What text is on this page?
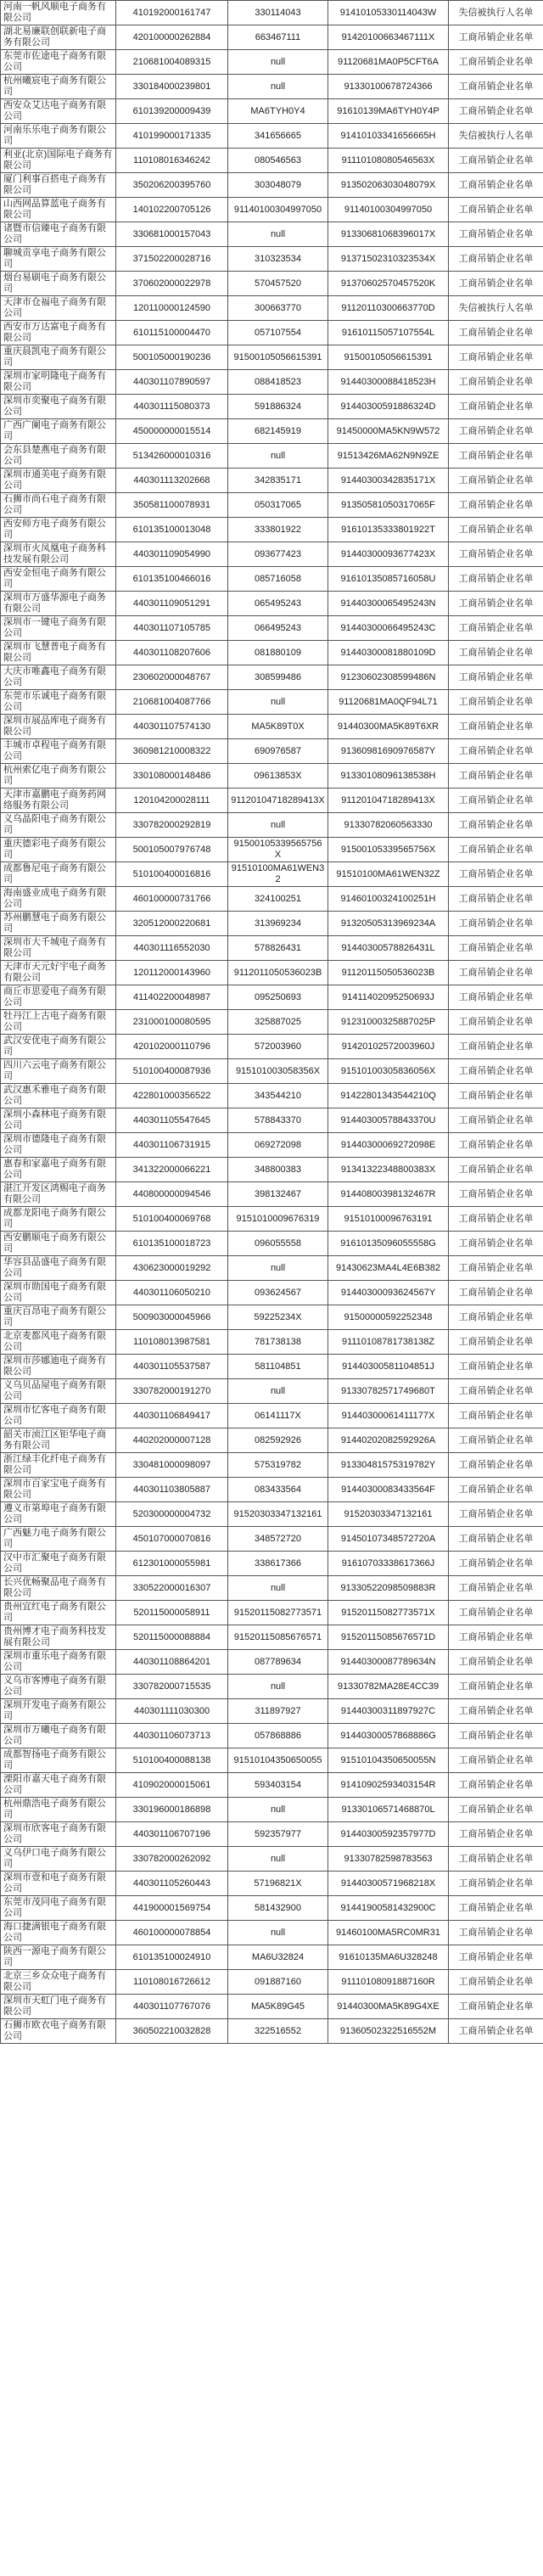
河南一帆风顺电子商务有限公司	410192000161747	330114043	91410105330114043W	失信被执行人名单
湖北易廉联创联新电子商务有限公司	420100000262884	663467111	91420100663467111X	工商吊销企业名单
东莞市佐途电子商务有限公司	210681004089315	null	91120681MA0P5CFT6A	工商吊销企业名单
杭州曦宸电子商务有限公司	330184000239801	null	91330100678724366	工商吊销企业名单
西安众艾达电子商务有限公司	610139200009439	MA6TYH0Y4	91610139MA6TYH0Y4P	工商吊销企业名单
河南乐乐电子商务有限公司	410199000171335	341656665	91410103341656665H	失信被执行人名单
利亚(北京)国际电子商务有限公司	110108016346242	080546563	91110108080546563X	工商吊销企业名单
厦门利事百搭电子商务有限公司	350206200395760	303048079	91350206303048079X	工商吊销企业名单
山西网品算蓝电子商务有限公司	140102200705126	91140100304997050	91140100304997050	工商吊销企业名单
诸暨市信臻电子商务有限公司	330681000157043	null	91330681068396017X	工商吊销企业名单
聊城贡享电子商务有限公司	371502200028716	310323534	91371502310323534X	工商吊销企业名单
烟台易刷电子商务有限公司	370602000022978	570457520	91370602570457520K	工商吊销企业名单
天津市仓福电子商务有限公司	120110000124590	300663770	91120110300663770D	失信被执行人名单
西安市万达富电子商务有限公司	610115100004470	057107554	91610115057107554L	工商吊销企业名单
重庆晨凯电子商务有限公司	500105000190236	91500105056615391	91500105056615391	工商吊销企业名单
深圳市家明隆电子商务有限公司	440301107890597	088418523	91440300088418523H	工商吊销企业名单
深圳市奕聚电子商务有限公司	440301115080373	591886324	91440300591886324D	工商吊销企业名单
广西广阑电子商务有限公司	450000000015514	682145919	91450000MA5KN9W572	工商吊销企业名单
会东县楚燕电子商务有限公司	513426000010316	null	91513426MA62N9N9ZE	工商吊销企业名单
深圳市通美电子商务有限公司	440301113202668	342835171	91440300342835171X	工商吊销企业名单
石狮市尚石电子商务有限公司	350581100078931	050317065	91350581050317065F	工商吊销企业名单
西安师方电子商务有限公司	610135100013048	333801922	91610135333801922T	工商吊销企业名单
深圳市火凤凰电子商务科技发展有限公司	440301109054990	093677423	91440300093677423X	工商吊销企业名单
西安金恒电子商务有限公司	610135100466016	085716058	91610135085716058U	工商吊销企业名单
深圳市万盛华源电子商务有限公司	440301109051291	065495243	91440300065495243N	工商吊销企业名单
深圳市一键电子商务有限公司	440301107105785	066495243	91440300066495243C	工商吊销企业名单
深圳市飞慧普电子商务有限公司	440301108207606	081880109	91440300081880109D	工商吊销企业名单
大庆市唯鑫电子商务有限公司	230602000048767	308599486	91230602308599486N	工商吊销企业名单
东莞市乐诚电子商务有限公司	210681004087766	null	91120681MA0QF94L71	工商吊销企业名单
深圳市展品库电子商务有限公司	440301107574130	MA5K89T0X	91440300MA5K89T6XR	工商吊销企业名单
丰城市卓程电子商务有限公司	360981210008322	690976587	91360981690976587Y	工商吊销企业名单
杭州索亿电子商务有限公司	330108000148486	09613853X	91330108096138538H	工商吊销企业名单
天津市嘉鹏电子商务药网络服务有限公司	120104200028111	91120104718289413X	91120104718289413X	工商吊销企业名单
义乌晶阳电子商务有限公司	330782000292819	null	91330782060563330	工商吊销企业名单
重庆德彩电子商务有限公司	500105007976748	91500105339565756X	91500105339565756X	工商吊销企业名单
成都鲁尼电子商务有限公司	510100400016816	91510100MA61WEN32	91510100MA61WEN32Z	工商吊销企业名单
海南盛业成电子商务有限公司	460100000731766	324100251	91460100324100251H	工商吊销企业名单
苏州鹏慧电子商务有限公司	320512000220681	313969234	91320505313969234A	工商吊销企业名单
深圳市大千城电子商务有限公司	440301116552030	578826431	91440300578826431L	工商吊销企业名单
天津市天元好宇电子商务有限公司	120112000143960	9112011050536023B	91120115050536023B	工商吊销企业名单
商丘市思爱电子商务有限公司	411402200048987	095250693	91411402095250693J	工商吊销企业名单
牡丹江上古电子商务有限公司	231000100080595	325887025	91231000325887025P	工商吊销企业名单
武汉安优电子商务有限公司	420102000110796	572003960	91420102572003960J	工商吊销企业名单
四川六云电子商务有限公司	510100400087936	915101003058356X	91510100305836056X	工商吊销企业名单
武汉惠禾雅电子商务有限公司	422801000356522	343544210	91422801343544210Q	工商吊销企业名单
深圳小森林电子商务有限公司	440301105547645	578843370	91440300578843370U	工商吊销企业名单
深圳市德隆电子商务有限公司	440301106731915	069272098	91440300069272098E	工商吊销企业名单
惠春和家嘉电子商务有限公司	341322000066221	348800383	91341322348800383X	工商吊销企业名单
湛江开发区鸿赐电子商务有限公司	440800000094546	398132467	91440800398132467R	工商吊销企业名单
成都龙阳电子商务有限公司	510100400069768	9151010009676319	91510100096763191	工商吊销企业名单
西安鹏顺电子商务有限公司	610135100018723	096055558	91610135096055558G	工商吊销企业名单
华容县品盛电子商务有限公司	430623000019292	null	91430623MA4L4E6B382	工商吊销企业名单
深圳市勋国电子商务有限公司	440301106050210	093624567	91440300093624567Y	工商吊销企业名单
重庆百昂电子商务有限公司	500903000045966	59225234X	91500000592252348	工商吊销企业名单
北京麦都风电子商务有限公司	110108013987581	781738138	91110108781738138Z	工商吊销企业名单
深圳市莎娜迪电子商务有限公司	440301105537587	581104851	91440300581104851J	工商吊销企业名单
义乌贝品屋电子商务有限公司	330782000191270	null	91330782571749680T	工商吊销企业名单
深圳市忆客电子商务有限公司	440301106849417	06141117X	91440300061411177X	工商吊销企业名单
韶关市浈江区钜华电子商务有限公司	440202000007128	082592926	91440202082592926A	工商吊销企业名单
浙江绿丰化纤电子商务有限公司	330481000098097	575319782	91330481575319782Y	工商吊销企业名单
深圳市百家宝电子商务有限公司	440301103805887	083433564	91440300083433564F	工商吊销企业名单
遵义市第埠电子商务有限公司	520300000004732	91520303347132161	91520303347132161	工商吊销企业名单
广西魅力电子商务有限公司	450107000070816	348572720	91450107348572720A	工商吊销企业名单
汉中市汇聚电子商务有限公司	612301000055981	338617366	91610703338617366J	工商吊销企业名单
长兴优畅聚品电子商务有限公司	330522000016307	null	91330522098509883R	工商吊销企业名单
贵州宜红电子商务有限公司	520115000058911	91520115082773571	91520115082773571X	工商吊销企业名单
贵州博才电子商务科技发展有限公司	520115000088884	91520115085676571	91520115085676571D	工商吊销企业名单
深圳市重乐电子商务有限公司	440301108864201	087789634	91440300087789634N	工商吊销企业名单
义乌市客博电子商务有限公司	330782000715535	null	91330782MA28E4CC39	工商吊销企业名单
深圳开发电子商务有限公司	440301111030300	311897927	91440300311897927C	工商吊销企业名单
深圳市万曦电子商务有限公司	440301106073713	057868886	91440300057868886G	工商吊销企业名单
成都智扬电子商务有限公司	510100400088138	91510104350650055	91510104350650055N	工商吊销企业名单
溧阳市嘉天电子商务有限公司	410902000015061	593403154	91410902593403154R	工商吊销企业名单
杭州鼎浩电子商务有限公司	330196000186898	null	91330106571468870L	工商吊销企业名单
深圳市欣客电子商务有限公司	440301106707196	592357977	91440300592357977D	工商吊销企业名单
义乌伊口电子商务有限公司	330782000262092	null	91330782598783563	工商吊销企业名单
深圳市壹和电子商务有限公司	440301105260443	57196821X	91440300571968218X	工商吊销企业名单
东莞市茂同电子商务有限公司	441900001569754	581432900	91441900581432900C	工商吊销企业名单
海口捷满银电子商务有限公司	460100000078854	null	91460100MA5RC0MR31	工商吊销企业名单
陕西一源电子商务有限公司	610135100024910	MA6U32824	91610135MA6U328248	工商吊销企业名单
北京三乡众众电子商务有限公司	110108016726612	091887160	91110108091887160R	工商吊销企业名单
深圳市天虹门电子商务有限公司	440301107767076	MA5K89G45	91440300MA5K89G4XE	工商吊销企业名单
石狮市欧衣电子商务有限公司	360502210032828	322516552	91360502322516552M	工商吊销企业名单
